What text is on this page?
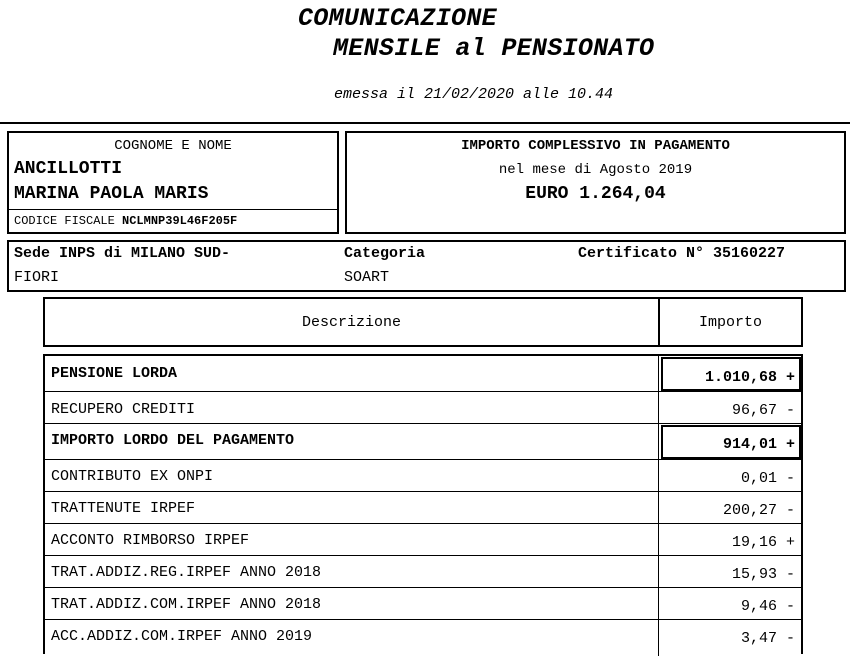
COMUNICAZIONE
MENSILE al PENSIONATO
emessa il 21/02/2020 alle 10.44
COGNOME E NOME
ANCILLOTTI
MARINA PAOLA MARIS
CODICE FISCALE NCLMNP39L46F205F
IMPORTO COMPLESSIVO IN PAGAMENTO
nel mese di Agosto 2019
EURO 1.264,04
Sede INPS di MILANO SUD-
FIORI
Categoria
SOART
Certificato N° 35160227
Descrizione	Importo
PENSIONE LORDA	1.010,68 +
RECUPERO CREDITI	96,67 -
IMPORTO LORDO DEL PAGAMENTO	914,01 +
CONTRIBUTO EX ONPI	0,01 -
TRATTENUTE IRPEF	200,27 -
ACCONTO RIMBORSO IRPEF	19,16 +
TRAT.ADDIZ.REG.IRPEF ANNO 2018	15,93 -
TRAT.ADDIZ.COM.IRPEF ANNO 2018	9,46 -
ACC.ADDIZ.COM.IRPEF ANNO 2019	3,47 -
